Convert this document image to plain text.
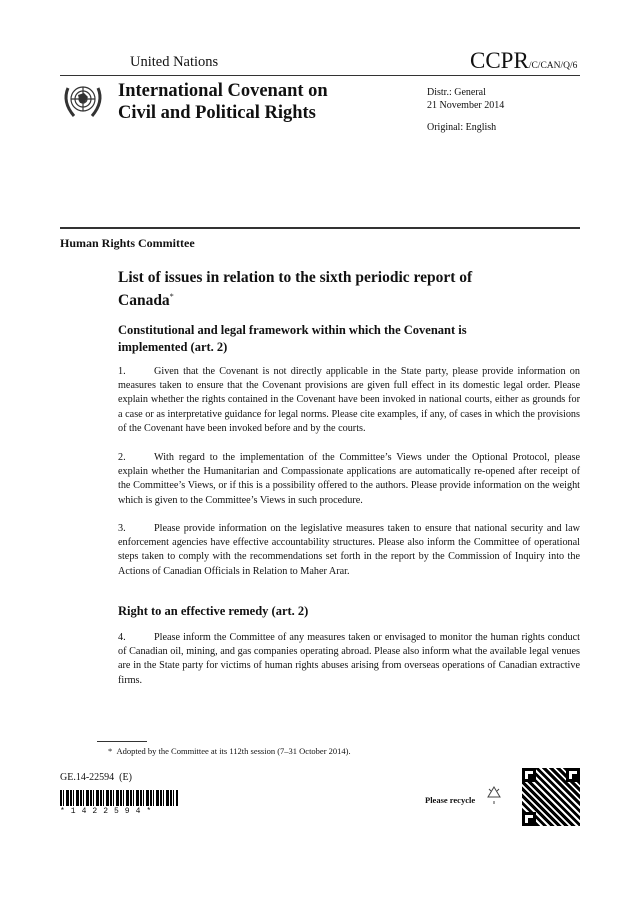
United Nations	CCPR/C/CAN/Q/6
International Covenant on
Civil and Political Rights
Distr.: General
21 November 2014
Original: English
Human Rights Committee
List of issues in relation to the sixth periodic report of
Canada*
Constitutional and legal framework within which the Covenant is implemented (art. 2)
1.	Given that the Covenant is not directly applicable in the State party, please provide information on measures taken to ensure that the Covenant provisions are given full effect in its domestic legal order. Please explain whether the rights contained in the Covenant have been invoked in national courts, either as grounds for a case or as interpretative guidance for legal norms. Please cite examples, if any, of cases in which the provisions of the Covenant have been invoked before and by the courts.
2.	With regard to the implementation of the Committee’s Views under the Optional Protocol, please explain whether the Humanitarian and Compassionate applications are automatically re-opened after receipt of the Committee’s Views, or if this is a possibility offered to the authors. Please provide information on the weight which is given to the Committee’s Views in such procedure.
3.	Please provide information on the legislative measures taken to ensure that national security and law enforcement agencies have effective accountability structures. Please also inform the Committee of operational steps taken to comply with the recommendations set forth in the report by the Commission of Inquiry into the Actions of Canadian Officials in Relation to Maher Arar.
Right to an effective remedy (art. 2)
4.	Please inform the Committee of any measures taken or envisaged to monitor the human rights conduct of Canadian oil, mining, and gas companies operating abroad. Please also inform what the available legal venues are in the State party for victims of human rights abuses arising from overseas operations of Canadian extractive firms.
* Adopted by the Committee at its 112th session (7–31 October 2014).
GE.14-22594  (E)
*1422594*
Please recycle
